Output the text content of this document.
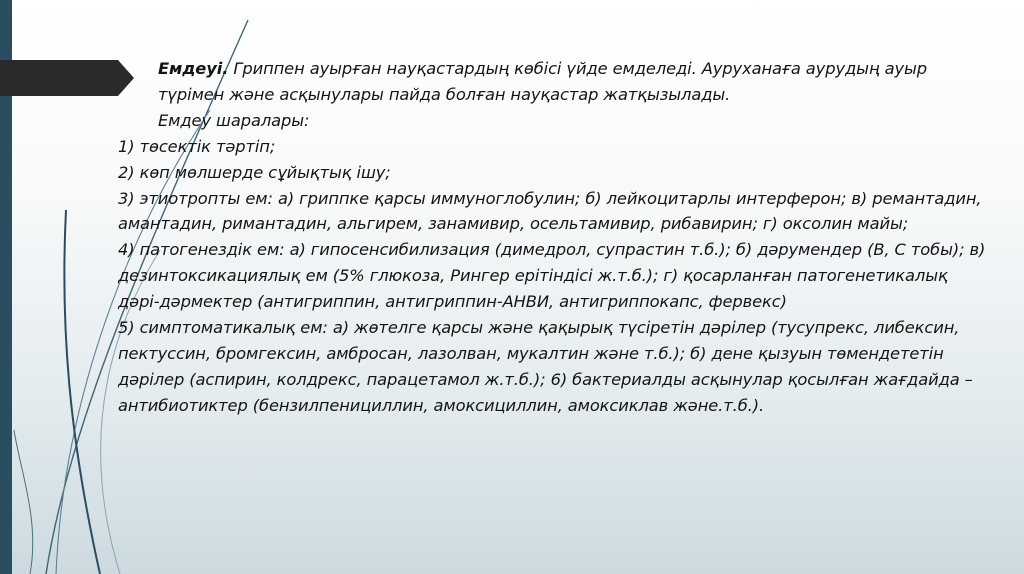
Емдеуі. Гриппен ауырған науқастардың көбісі үйде емделеді. Ауруханаға аурудың ауыр түрімен және асқынулары пайда болған науқастар жатқызылады.

Емдеу шаралары:

1) төсектік тәртіп;

2) көп мөлшерде сұйықтық ішу;

3) этиотропты ем: а) гриппке қарсы иммуноглобулин; б) лейкоцитарлы интерферон; в) ремантадин, амантадин, римантадин, альгирем, занамивир, осельтамивир, рибавирин; г) оксолин майы;

4) патогенездік ем: а) гипосенсибилизация (димедрол, супрастин т.б.); б) дәрумендер (В, С тобы); в) дезинтоксикациялық ем (5% глюкоза, Рингер ерітіндісі ж.т.б.); г) қосарланған патогенетикалық дәрі-дәрмектер (антигриппин, антигриппин-АНВИ, антигриппокапс, фервекс)

5) симптоматикалық ем: а) жөтелге қарсы және қақырық түсіретін дәрілер (тусупрекс, либексин, пектуссин, бромгексин, амбросан, лазолван, мукалтин және т.б.); б) дене қызуын төмендететін дәрілер (аспирин, колдрекс, парацетамол ж.т.б.); 6) бактериалды асқынулар қосылған жағдайда – антибиотиктер (бензилпенициллин, амоксициллин, амоксиклав және.т.б.).
